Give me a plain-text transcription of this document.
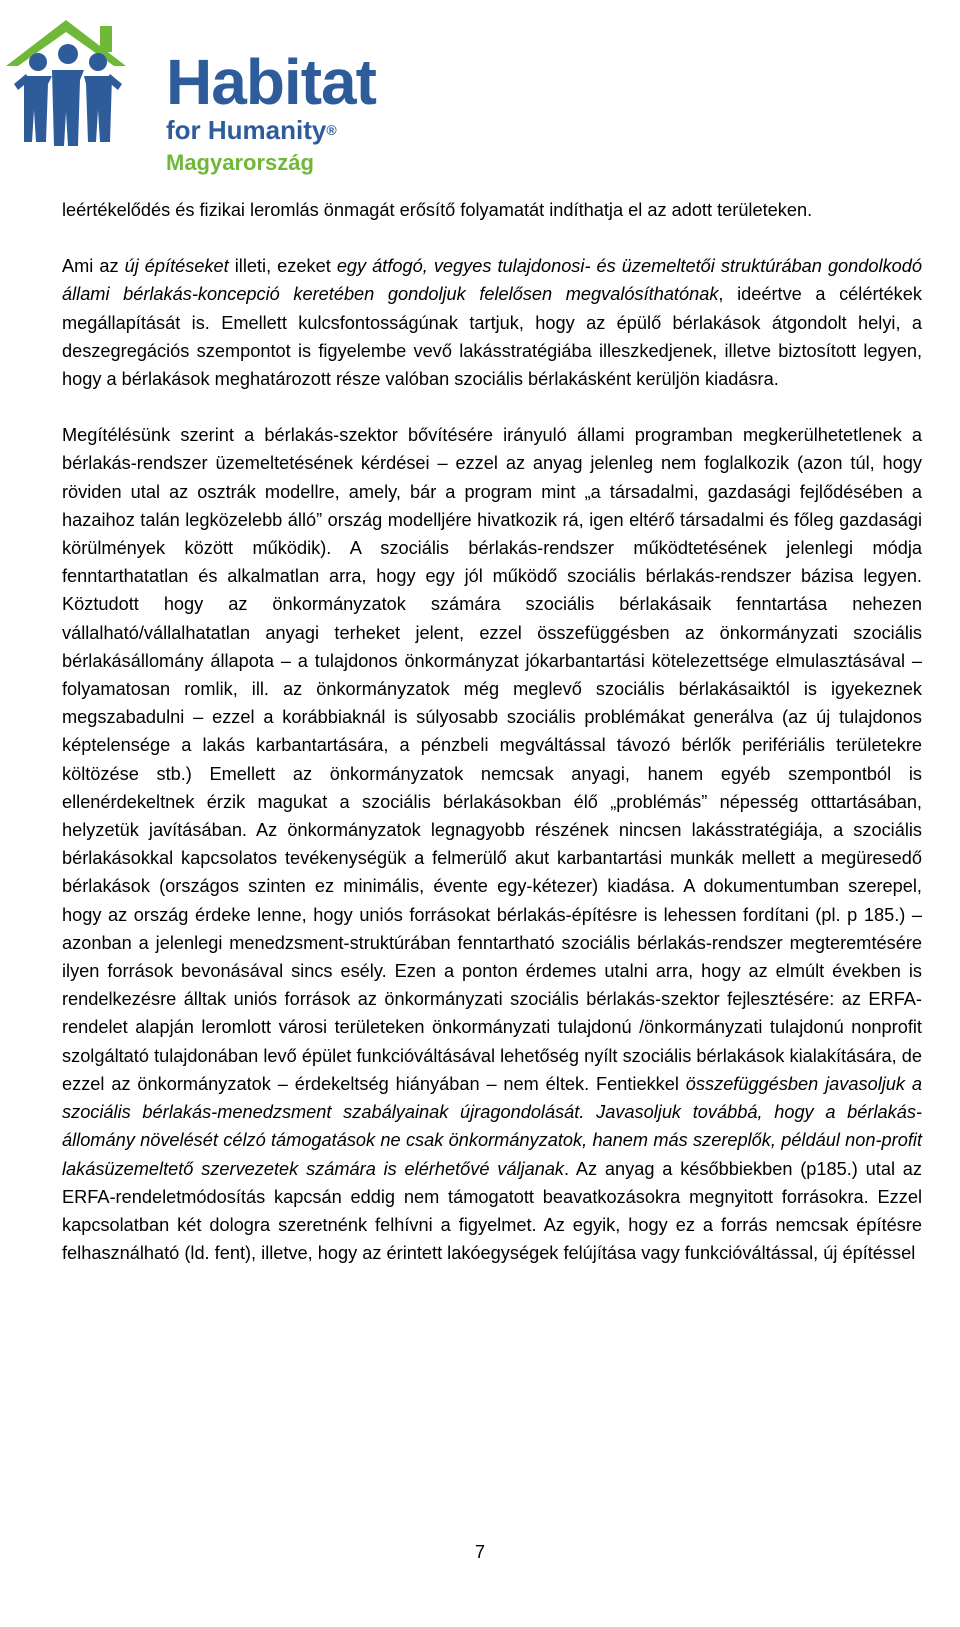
Habitat
for Humanity®
Magyarország

leértékelődés és fizikai leromlás önmagát erősítő folyamatát indíthatja el az adott területeken.

Ami az új építéseket illeti, ezeket egy átfogó, vegyes tulajdonosi- és üzemeltetői struktúrában gondolkodó állami bérlakás-koncepció keretében gondoljuk felelősen megvalósíthatónak, ideértve a célértékek megállapítását is. Emellett kulcsfontosságúnak tartjuk, hogy az épülő bérlakások átgondolt helyi, a deszegregációs szempontot is figyelembe vevő lakásstratégiába illeszkedjenek, illetve biztosított legyen, hogy a bérlakások meghatározott része valóban szociális bérlakásként kerüljön kiadásra.

Megítélésünk szerint a bérlakás-szektor bővítésére irányuló állami programban megkerülhetetlenek a bérlakás-rendszer üzemeltetésének kérdései – ezzel az anyag jelenleg nem foglalkozik (azon túl, hogy röviden utal az osztrák modellre, amely, bár a program mint „a társadalmi, gazdasági fejlődésében a hazaihoz talán legközelebb álló” ország modelljére hivatkozik rá, igen eltérő társadalmi és főleg gazdasági körülmények között működik). A szociális bérlakás-rendszer működtetésének jelenlegi módja fenntarthatatlan és alkalmatlan arra, hogy egy jól működő szociális bérlakás-rendszer bázisa legyen. Köztudott hogy az önkormányzatok számára szociális bérlakásaik fenntartása nehezen vállalható/vállalhatatlan anyagi terheket jelent, ezzel összefüggésben az önkormányzati szociális bérlakásállomány állapota – a tulajdonos önkormányzat jókarbantartási kötelezettsége elmulasztásával – folyamatosan romlik, ill. az önkormányzatok még meglevő szociális bérlakásaiktól is igyekeznek megszabadulni – ezzel a korábbiaknál is súlyosabb szociális problémákat generálva (az új tulajdonos képtelensége a lakás karbantartására, a pénzbeli megváltással távozó bérlők perifériális területekre költözése stb.) Emellett az önkormányzatok nemcsak anyagi, hanem egyéb szempontból is ellenérdekeltnek érzik magukat a szociális bérlakásokban élő „problémás” népesség otttartásában, helyzetük javításában. Az önkormányzatok legnagyobb részének nincsen lakásstratégiája, a szociális bérlakásokkal kapcsolatos tevékenységük a felmerülő akut karbantartási munkák mellett a megüresedő bérlakások (országos szinten ez minimális, évente egy-kétezer) kiadása. A dokumentumban szerepel, hogy az ország érdeke lenne, hogy uniós forrásokat bérlakás-építésre is lehessen fordítani (pl. p 185.) – azonban a jelenlegi menedzsment-struktúrában fenntartható szociális bérlakás-rendszer megteremtésére ilyen források bevonásával sincs esély. Ezen a ponton érdemes utalni arra, hogy az elmúlt években is rendelkezésre álltak uniós források az önkormányzati szociális bérlakás-szektor fejlesztésére: az ERFA-rendelet alapján leromlott városi területeken önkormányzati tulajdonú /önkormányzati tulajdonú nonprofit szolgáltató tulajdonában levő épület funkcióváltásával lehetőség nyílt szociális bérlakások kialakítására, de ezzel az önkormányzatok – érdekeltség hiányában – nem éltek. Fentiekkel összefüggésben javasoljuk a szociális bérlakás-menedzsment szabályainak újragondolását. Javasoljuk továbbá, hogy a bérlakás-állomány növelését célzó támogatások ne csak önkormányzatok, hanem más szereplők, például non-profit lakásüzemeltető szervezetek számára is elérhetővé váljanak. Az anyag a későbbiekben (p185.) utal az ERFA-rendeletmódosítás kapcsán eddig nem támogatott beavatkozásokra megnyitott forrásokra. Ezzel kapcsolatban két dologra szeretnénk felhívni a figyelmet. Az egyik, hogy ez a forrás nemcsak építésre felhasználható (ld. fent), illetve, hogy az érintett lakóegységek felújítása vagy funkcióváltással, új építéssel

7
